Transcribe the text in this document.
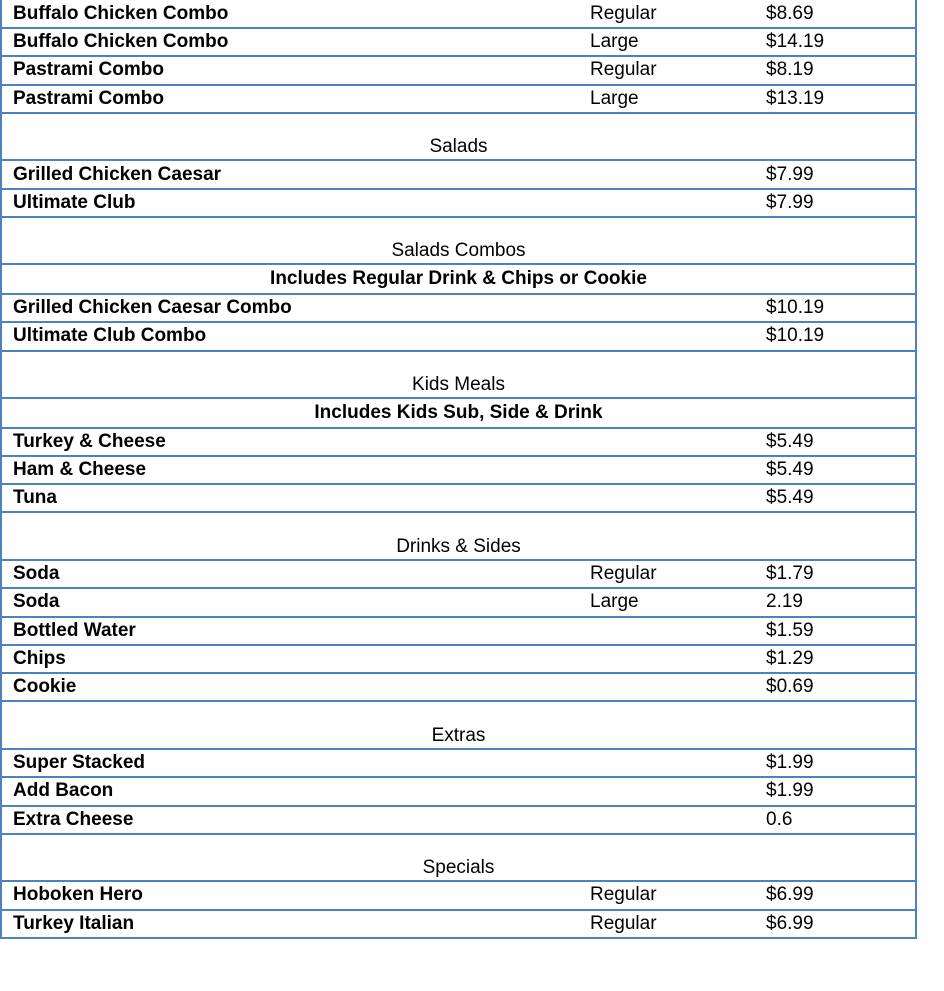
Buffalo Chicken Combo	Regular	$8.69
Buffalo Chicken Combo	Large	$14.19
Pastrami Combo	Regular	$8.19
Pastrami Combo	Large	$13.19
Salads
Grilled Chicken Caesar	$7.99
Ultimate Club	$7.99
Salads Combos
Includes Regular Drink & Chips or Cookie
Grilled Chicken Caesar Combo	$10.19
Ultimate Club Combo	$10.19
Kids Meals
Includes Kids Sub, Side & Drink
Turkey & Cheese	$5.49
Ham & Cheese	$5.49
Tuna	$5.49
Drinks & Sides
Soda	Regular	$1.79
Soda	Large	2.19
Bottled Water	$1.59
Chips	$1.29
Cookie	$0.69
Extras
Super Stacked	$1.99
Add Bacon	$1.99
Extra Cheese	0.6
Specials
Hoboken Hero	Regular	$6.99
Turkey Italian	Regular	$6.99
